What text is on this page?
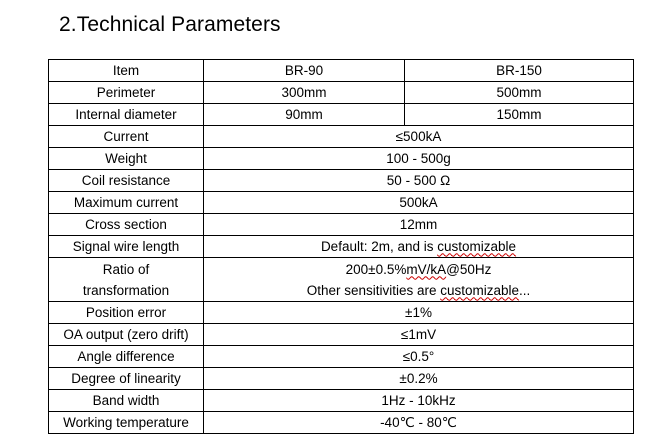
2.Technical Parameters
Item	BR-90	BR-150
Perimeter	300mm	500mm
Internal diameter	90mm	150mm
Current	≤500kA	
Weight	100 - 500g	
Coil resistance	50 - 500 Ω	
Maximum current	500kA	
Cross section	12mm	
Signal wire length	Default: 2m, and is customizable	

Ratio of
transformation	200±0.5%mV/kA@50Hz
Other sensitivities are customizable...	

Position error	±1%	
OA output (zero drift)	≤1mV	
Angle difference	≤0.5°	
Degree of linearity	±0.2%	
Band width	1Hz - 10kHz	
Working temperature	-40℃ - 80℃	
